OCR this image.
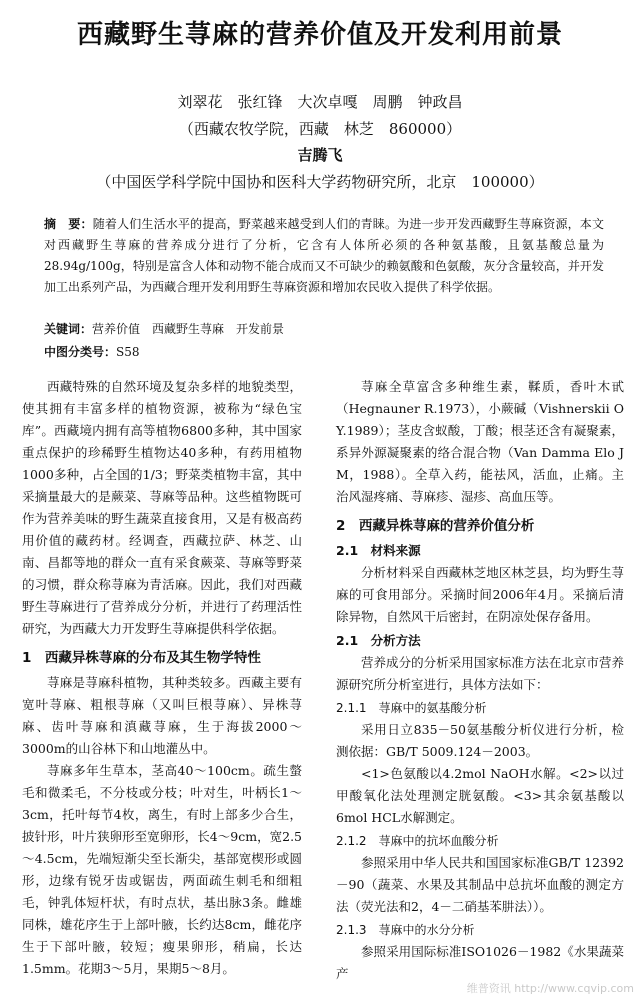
西藏野生荨麻的营养价值及开发利用前景
刘翠花　张红锋　大次卓嘎　周鹏　钟政昌
（西藏农牧学院，西藏　林芝　860000）
吉腾飞
（中国医学科学院中国协和医科大学药物研究所，北京　100000）
摘　要：随着人们生活水平的提高，野菜越来越受到人们的青睐。为进一步开发西藏野生荨麻资源，本文对西藏野生荨麻的营养成分进行了分析，它含有人体所必须的各种氨基酸，且氨基酸总量为28.94g/100g，特别是富含人体和动物不能合成而又不可缺少的赖氨酸和色氨酸，灰分含量较高，并开发加工出系列产品，为西藏合理开发利用野生荨麻资源和增加农民收入提供了科学依据。
关键词：营养价值　西藏野生荨麻　开发前景
中图分类号：S58

西藏特殊的自然环境及复杂多样的地貌类型，使其拥有丰富多样的植物资源，被称为“绿色宝库”。西藏境内拥有高等植物6800多种，其中国家重点保护的珍稀野生植物达40多种，有药用植物1000多种，占全国的1/3；野菜类植物丰富，其中采摘量最大的是蕨菜、荨麻等品种。这些植物既可作为营养美味的野生蔬菜直接食用，又是有极高药用价值的藏药材。经调查，西藏拉萨、林芝、山南、昌都等地的群众一直有采食蕨菜、荨麻等野菜的习惯，群众称荨麻为青活麻。因此，我们对西藏野生荨麻进行了营养成分分析，并进行了药理活性研究，为西藏大力开发野生荨麻提供科学依据。

1　西藏异株荨麻的分布及其生物学特性

荨麻是荨麻科植物，其种类较多。西藏主要有宽叶荨麻、粗根荨麻（又叫巨根荨麻）、异株荨麻、齿叶荨麻和滇藏荨麻，生于海拔2000～3000m的山谷林下和山地灌丛中。

荨麻多年生草本，茎高40～100cm。疏生螫毛和微柔毛，不分枝或分枝；叶对生，叶柄长1～3cm，托叶每节4枚，离生，有时上部多少合生，披针形，叶片狭卵形至宽卵形，长4～9cm，宽2.5～4.5cm，先端短渐尖至长渐尖，基部宽楔形或圆形，边缘有锐牙齿或锯齿，两面疏生刺毛和细粗毛，钟乳体短杆状，有时点状，基出脉3条。雌雄同株，雄花序生于上部叶腋，长约达8cm，雌花序生于下部叶腋，较短；瘦果卵形，稍扁，长达1.5mm。花期3～5月，果期5～8月。

荨麻全草富含多种维生素，鞣质，香叶木甙（Hegnauner R.1973），小蕨碱（Vishnerskii O Y.1989）；茎皮含蚁酸，丁酸；根茎还含有凝聚素，系异外源凝聚素的络合混合物（Van Damma Elo J M，1988）。全草入药，能祛风，活血，止痛。主治风湿疼痛、荨麻疹、湿疹、高血压等。

2　西藏异株荨麻的营养价值分析
2.1　材料来源

分析材料采自西藏林芝地区林芝县，均为野生荨麻的可食用部分。采摘时间2006年4月。采摘后清除异物，自然风干后密封，在阴凉处保存备用。

2.1　分析方法

营养成分的分析采用国家标准方法在北京市营养源研究所分析室进行，具体方法如下：

2.1.1　荨麻中的氨基酸分析

采用日立835－50氨基酸分析仪进行分析，检测依据：GB/T 5009.124－2003。

<1>色氨酸以4.2mol NaOH水解。<2>以过甲酸氧化法处理测定胱氨酸。<3>其余氨基酸以6mol HCL水解测定。

2.1.2　荨麻中的抗坏血酸分析

参照采用中华人民共和国国家标准GB/T 12392－90（蔬菜、水果及其制品中总抗坏血酸的测定方法（荧光法和2，4－二硝基苯肼法））。

2.1.3　荨麻中的水分分析

参照采用国际标准ISO1026－1982《水果蔬菜产

维普资讯 http://www.cqvip.com
